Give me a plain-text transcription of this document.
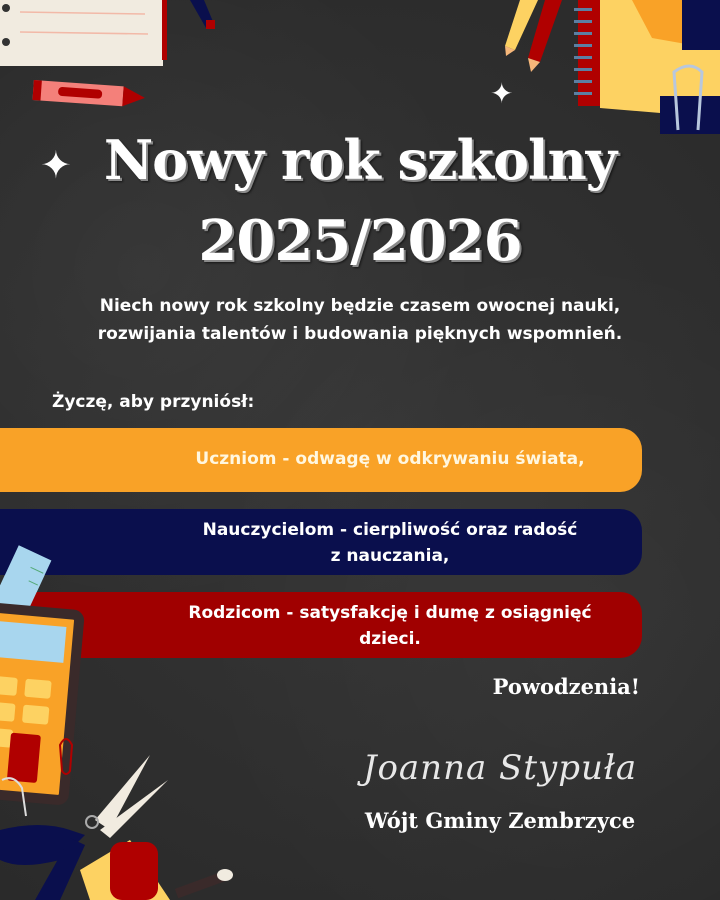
✦
✦
Nowy rok szkolny
2025/2026
Niech nowy rok szkolny będzie czasem owocnej nauki,
rozwijania talentów i budowania pięknych wspomnień.
Życzę, aby przyniósł:
Uczniom - odwagę w odkrywaniu świata,
Nauczycielom - cierpliwość oraz radość
z nauczania,
Rodzicom - satysfakcję i dumę z osiągnięć
dzieci.
Powodzenia!
Joanna Stypuła
Wójt Gminy Zembrzyce
